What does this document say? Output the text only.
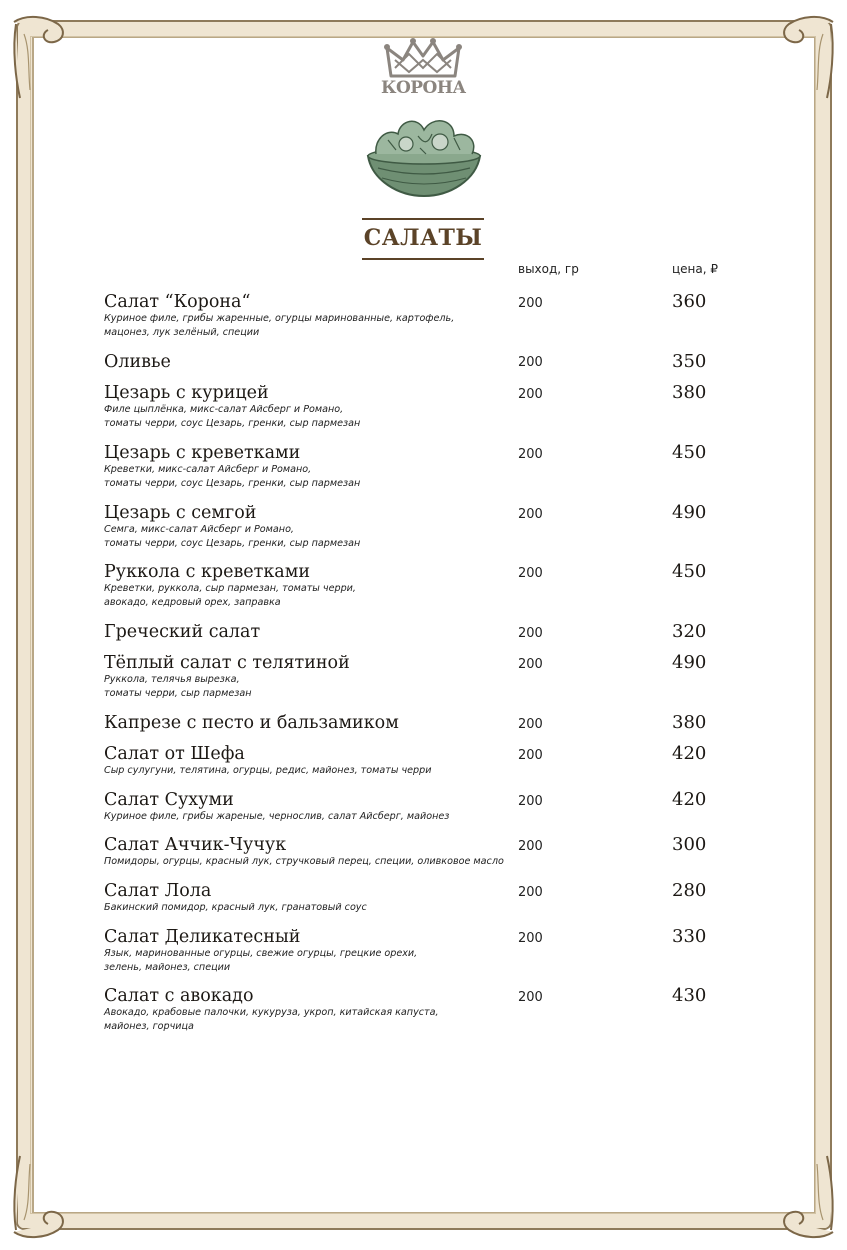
КОРОНА
САЛАТЫ
выход, гр	цена, ₽
Салат “Корона“
Куриное филе, грибы жаренные, огурцы маринованные, картофель,
мацонез, лук зелёный, специи
200	360
Оливье	200	350
Цезарь с курицей
Филе цыплёнка, микс-салат Айсберг и Романо,
томаты черри, соус Цезарь, гренки, сыр пармезан
200	380
Цезарь с креветками
Креветки, микс-салат Айсберг и Романо,
томаты черри, соус Цезарь, гренки, сыр пармезан
200	450
Цезарь с семгой
Семга, микс-салат Айсберг и Романо,
томаты черри, соус Цезарь, гренки, сыр пармезан
200	490
Руккола с креветками
Креветки, руккола, сыр пармезан, томаты черри,
авокадо, кедровый орех, заправка
200	450
Греческий салат	200	320
Тёплый салат с телятиной
Руккола, телячья вырезка,
томаты черри, сыр пармезан
200	490
Капрезе с песто и бальзамиком	200	380
Салат от Шефа
Сыр сулугуни, телятина, огурцы, редис, майонез, томаты черри
200	420
Салат Сухуми
Куриное филе, грибы жареные, чернослив, салат Айсберг, майонез
200	420
Салат Аччик-Чучук
Помидоры, огурцы, красный лук, стручковый перец, специи, оливковое масло
200	300
Салат Лола
Бакинский помидор, красный лук, гранатовый соус
200	280
Салат Деликатесный
Язык, маринованные огурцы, свежие огурцы, грецкие орехи,
зелень, майонез, специи
200	330
Салат с авокадо
Авокадо, крабовые палочки, кукуруза, укроп, китайская капуста,
майонез, горчица
200	430
